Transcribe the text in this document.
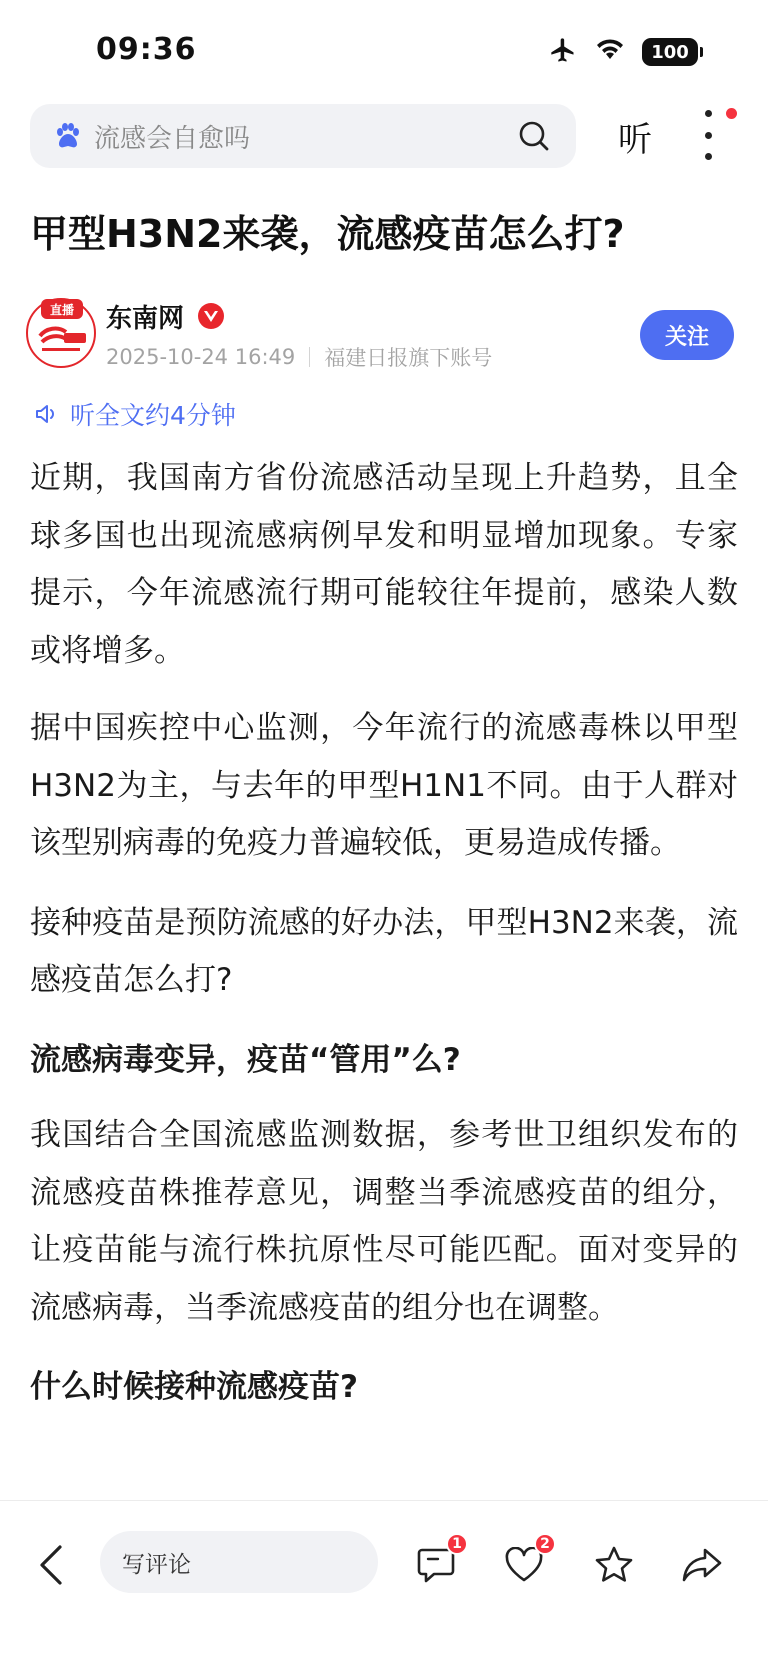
09:36	100
流感会自愈吗	听
甲型H3N2来袭，流感疫苗怎么打?
直播	东南网
2025-10-24 16:49 福建日报旗下账号
关注
听全文约4分钟

近期，我国南方省份流感活动呈现上升趋势，且全球多国也出现流感病例早发和明显增加现象。专家提示，今年流感流行期可能较往年提前，感染人数或将增多。

据中国疾控中心监测，今年流行的流感毒株以甲型H3N2为主，与去年的甲型H1N1不同。由于人群对该型别病毒的免疫力普遍较低，更易造成传播。

接种疫苗是预防流感的好办法，甲型H3N2来袭，流感疫苗怎么打?

流感病毒变异，疫苗“管用”么?

我国结合全国流感监测数据，参考世卫组织发布的流感疫苗株推荐意见，调整当季流感疫苗的组分，让疫苗能与流行株抗原性尽可能匹配。面对变异的流感病毒，当季流感疫苗的组分也在调整。

什么时候接种流感疫苗?

写评论
1	2
